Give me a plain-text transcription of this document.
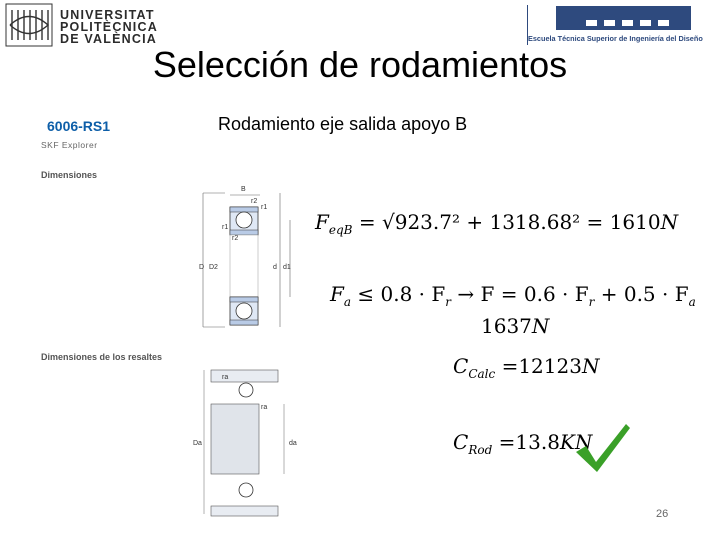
UNIVERSITAT
POLITÈCNICA
DE VALÈNCIA	Escuela Técnica Superior de Ingeniería del Diseño
Selección de rodamientos
Rodamiento eje salida apoyo B
6006-RS1
SKF Explorer
Dimensiones
Dimensiones de los resaltes
B
r2
r1
r1
r2
D D2	d d1
ra
ra
Da	da
$F_{eqB} = √923.7^2 + 1318.68^2 = 1610N$
$F_a \le 0.8 \cdot F_r \to F = 0.6 \cdot F_r + 0.5 \cdot F_a$
1637N
$C_{Calc} =12123N$
$C_{Rod} =13.8KN$
26
